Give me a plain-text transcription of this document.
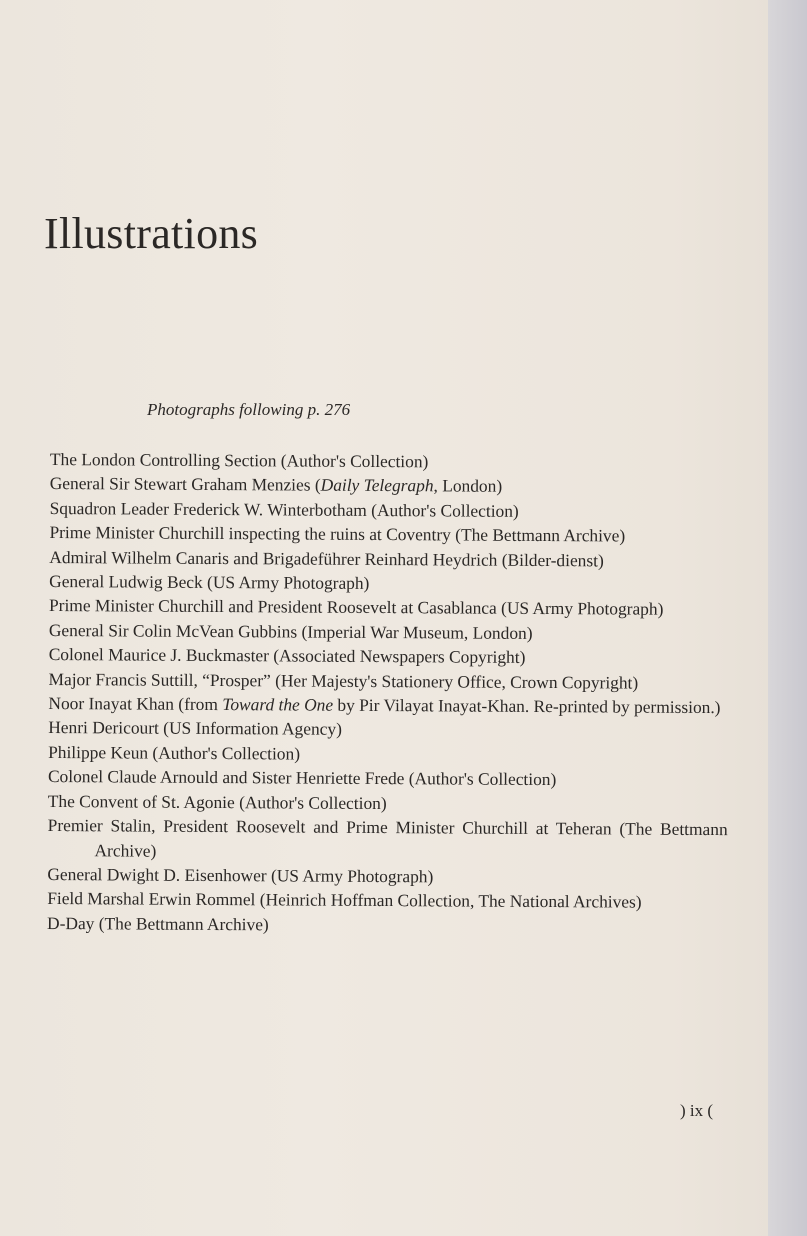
Illustrations

Photographs following p. 276

The London Controlling Section (Author's Collection)
General Sir Stewart Graham Menzies (Daily Telegraph, London)
Squadron Leader Frederick W. Winterbotham (Author's Collection)
Prime Minister Churchill inspecting the ruins at Coventry (The Bettmann Archive)
Admiral Wilhelm Canaris and Brigadeführer Reinhard Heydrich (Bilder-dienst)
General Ludwig Beck (US Army Photograph)
Prime Minister Churchill and President Roosevelt at Casablanca (US Army Photograph)
General Sir Colin McVean Gubbins (Imperial War Museum, London)
Colonel Maurice J. Buckmaster (Associated Newspapers Copyright)
Major Francis Suttill, “Prosper” (Her Majesty's Stationery Office, Crown Copyright)
Noor Inayat Khan (from Toward the One by Pir Vilayat Inayat-Khan. Re-printed by permission.)
Henri Dericourt (US Information Agency)
Philippe Keun (Author's Collection)
Colonel Claude Arnould and Sister Henriette Frede (Author's Collection)
The Convent of St. Agonie (Author's Collection)
Premier Stalin, President Roosevelt and Prime Minister Churchill at Teheran (The Bettmann Archive)
General Dwight D. Eisenhower (US Army Photograph)
Field Marshal Erwin Rommel (Heinrich Hoffman Collection, The National Archives)
D-Day (The Bettmann Archive)

) ix (
